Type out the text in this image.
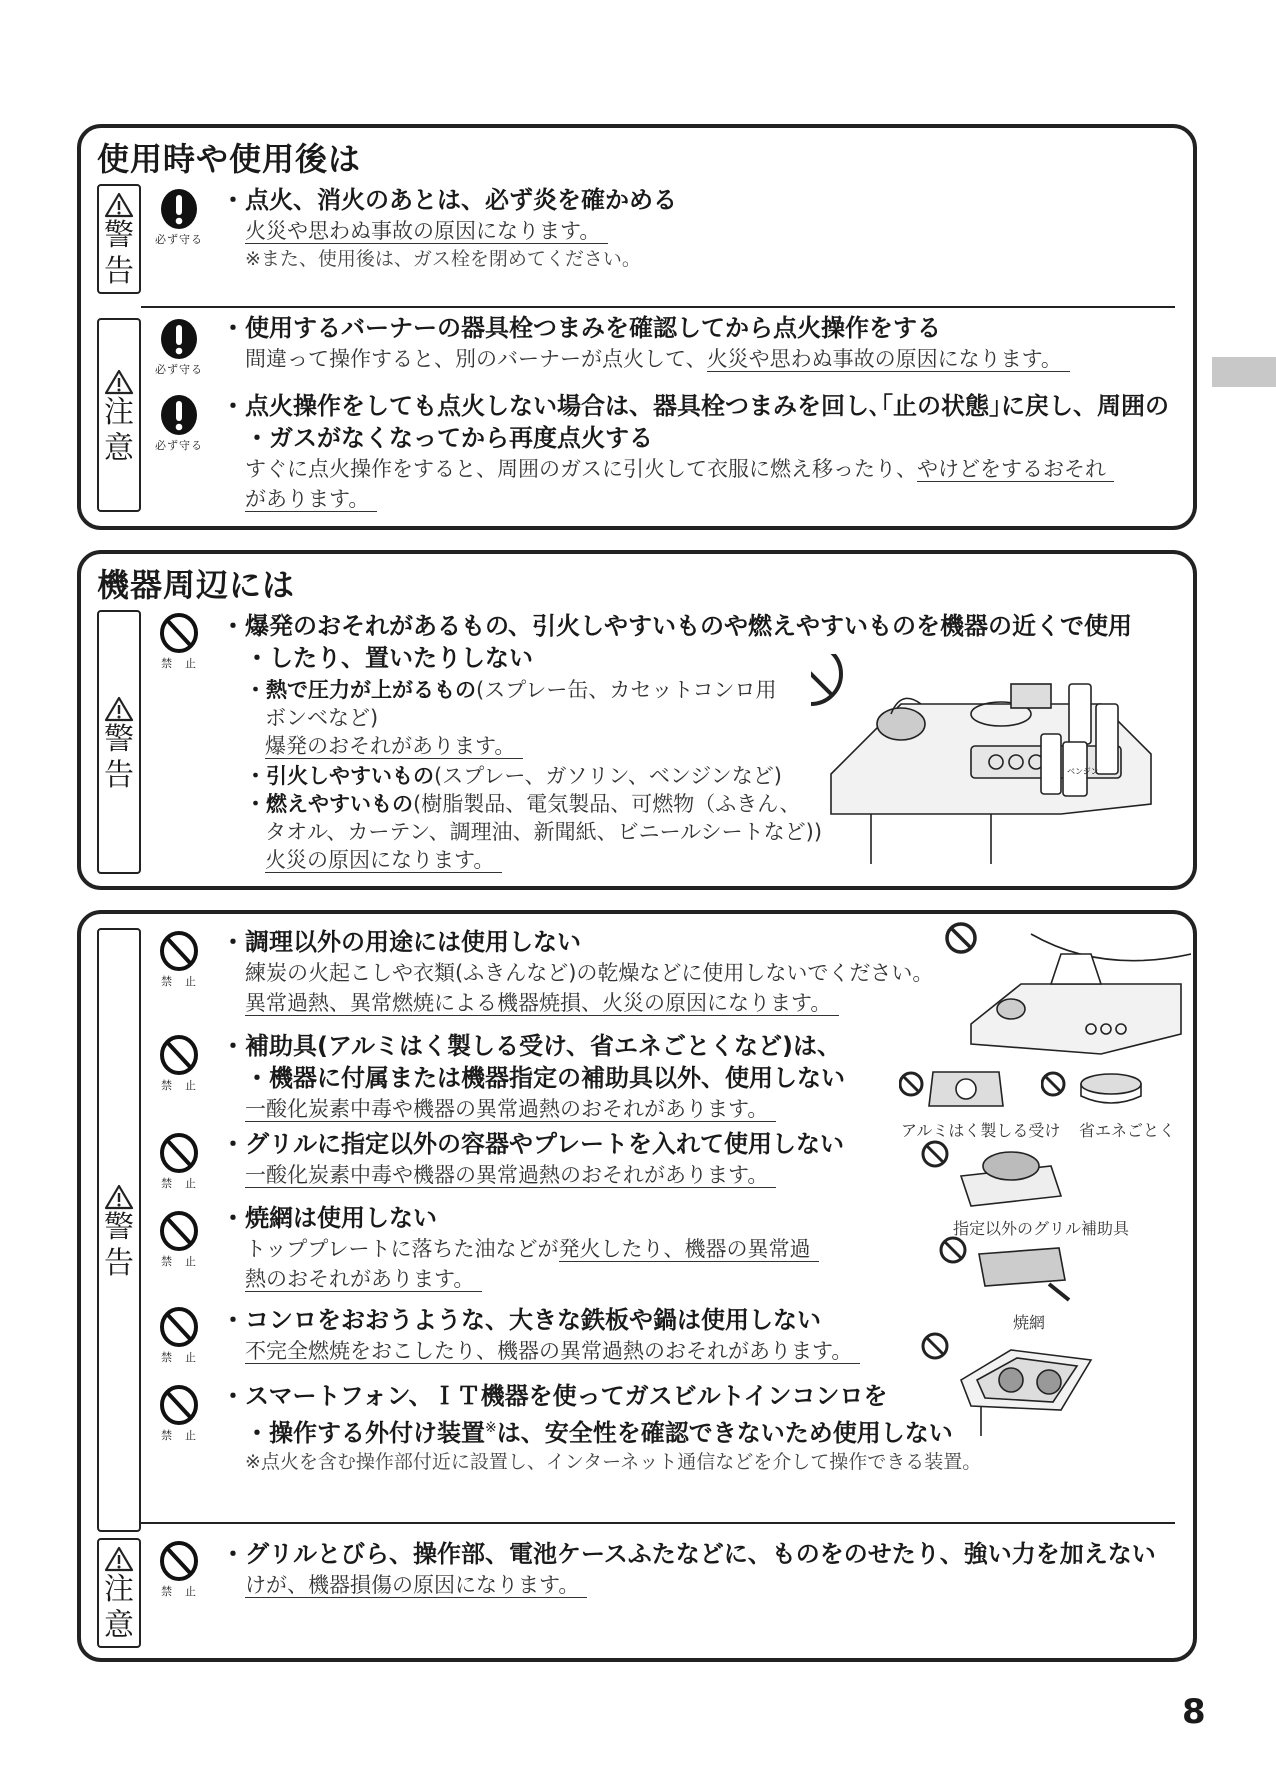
使用時や使用後は
警
告
必ず守る
・ 点火、消火のあとは、必ず炎を確かめる
火災や思わぬ事故の原因になります。
※また、使用後は、ガス栓を閉めてください。
注
意
必ず守る
・ 使用するバーナーの器具栓つまみを確認してから点火操作をする
間違って操作すると、別のバーナーが点火して、火災や思わぬ事故の原因になります。
必ず守る
・ 点火操作をしても点火しない場合は、器具栓つまみを回し､｢止の状態｣に戻し、周囲の
・ ガスがなくなってから再度点火する
すぐに点火操作をすると、周囲のガスに引火して衣服に燃え移ったり、やけどをするおそれ
があります。
機器周辺には
警
告
禁　止
・ 爆発のおそれがあるもの、引火しやすいものや燃えやすいものを機器の近くで使用
・ したり、置いたりしない
・ 熱で圧力が上がるもの(スプレー缶、カセットコンロ用
ボンベなど)
爆発のおそれがあります。
・ 引火しやすいもの(スプレー、ガソリン、ベンジンなど)
・ 燃えやすいもの(樹脂製品、電気製品、可燃物（ふきん、
タオル、カーテン、調理油、新聞紙、ビニールシートなど))
火災の原因になります。
ベンジン
警
告
禁　止
・ 調理以外の用途には使用しない
練炭の火起こしや衣類(ふきんなど)の乾燥などに使用しないでください。
異常過熱、異常燃焼による機器焼損、火災の原因になります。
禁　止
・ 補助具(アルミはく製しる受け、省エネごとくなど)は、
・ 機器に付属または機器指定の補助具以外、使用しない
一酸化炭素中毒や機器の異常過熱のおそれがあります。
禁　止
・ グリルに指定以外の容器やプレートを入れて使用しない
一酸化炭素中毒や機器の異常過熱のおそれがあります。
禁　止
・ 焼網は使用しない
トッププレートに落ちた油などが発火したり、機器の異常過
熱のおそれがあります。
禁　止
・ コンロをおおうような、大きな鉄板や鍋は使用しない
不完全燃焼をおこしたり、機器の異常過熱のおそれがあります。
禁　止
・ スマートフォン、ＩＴ機器を使ってガスビルトインコンロを
・ 操作する外付け装置※は、安全性を確認できないため使用しない
※点火を含む操作部付近に設置し、インターネット通信などを介して操作できる装置。
注
意
禁　止
・ グリルとびら、操作部、電池ケースふたなどに、ものをのせたり、強い力を加えない
けが、機器損傷の原因になります。
アルミはく製しる受け 省エネごとく
指定以外のグリル補助具
焼網
8
